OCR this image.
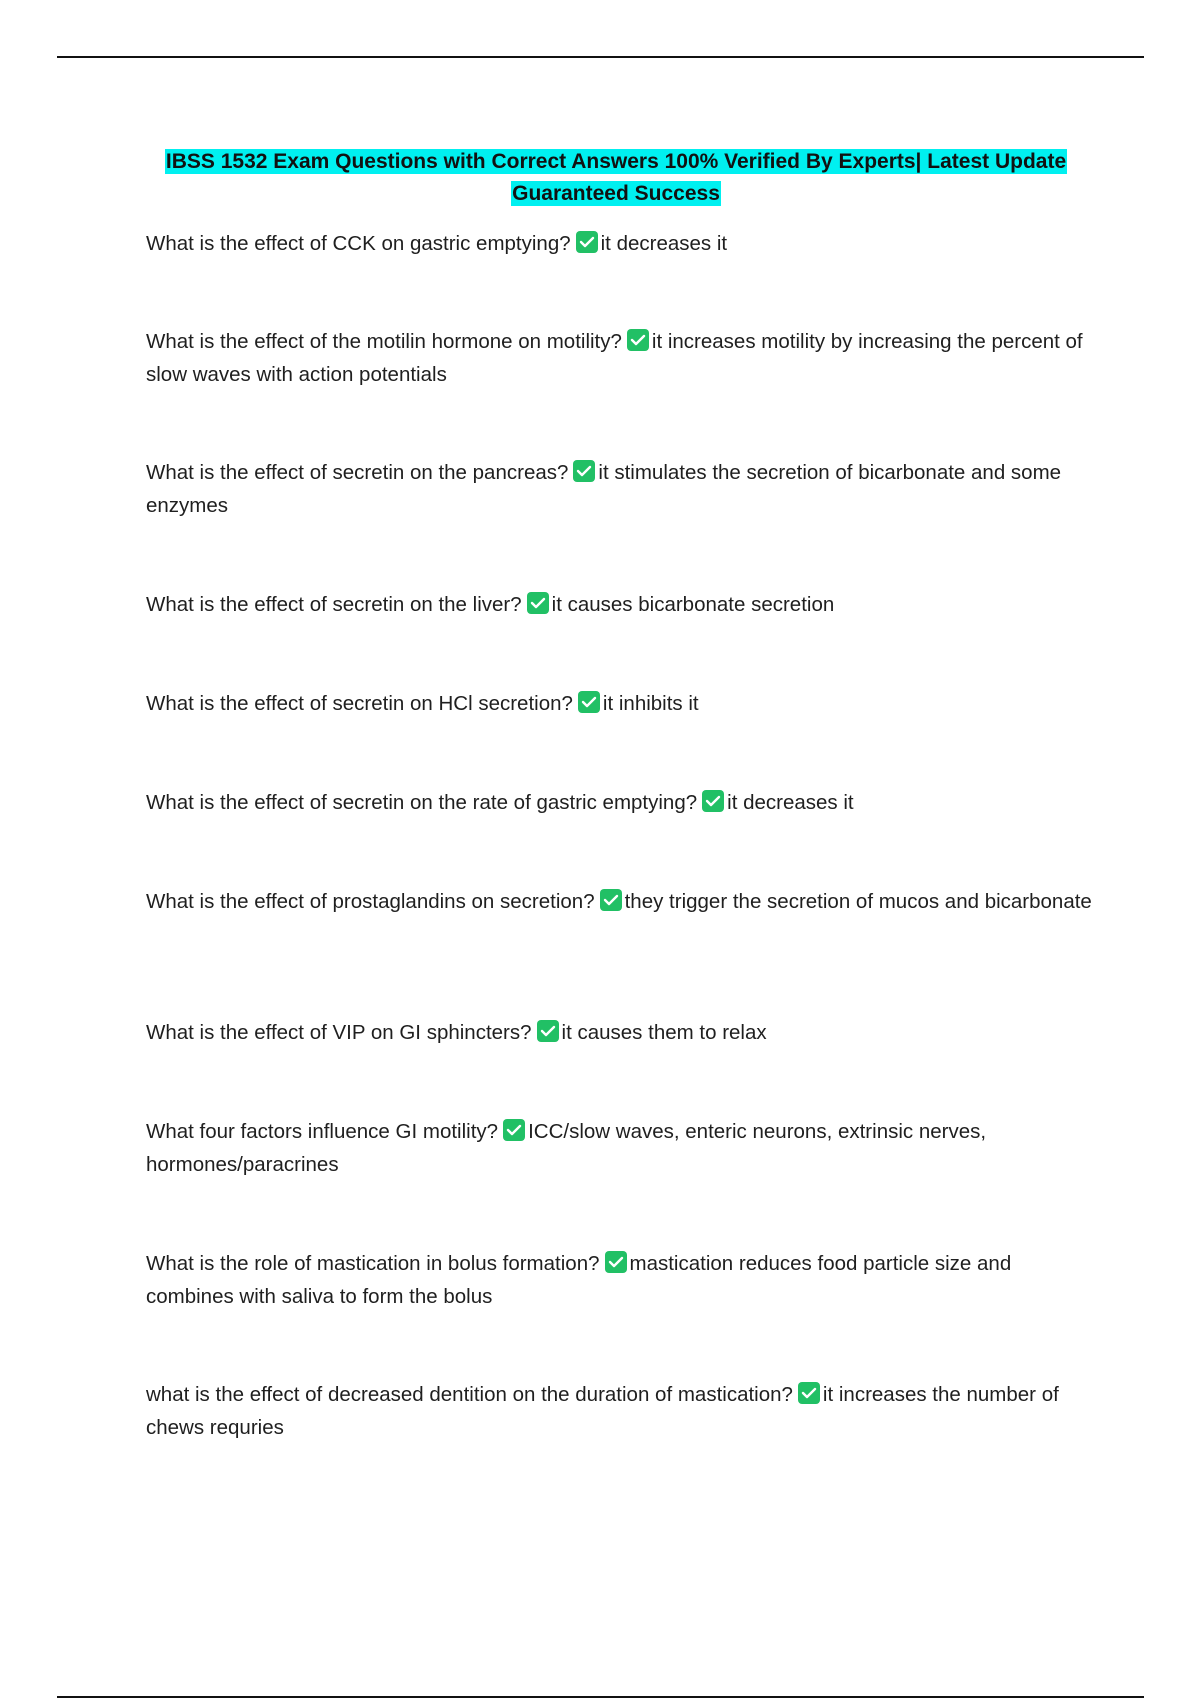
IBSS 1532 Exam Questions with Correct Answers 100% Verified By Experts| Latest Update
Guaranteed Success
What is the effect of CCK on gastric emptying? it decreases it
What is the effect of the motilin hormone on motility? it increases motility by increasing the percent of slow waves with action potentials
What is the effect of secretin on the pancreas? it stimulates the secretion of bicarbonate and some enzymes
What is the effect of secretin on the liver? it causes bicarbonate secretion
What is the effect of secretin on HCl secretion? it inhibits it
What is the effect of secretin on the rate of gastric emptying? it decreases it
What is the effect of prostaglandins on secretion? they trigger the secretion of mucos and bicarbonate
What is the effect of VIP on GI sphincters? it causes them to relax
What four factors influence GI motility? ICC/slow waves, enteric neurons, extrinsic nerves, hormones/paracrines
What is the role of mastication in bolus formation? mastication reduces food particle size and combines with saliva to form the bolus
what is the effect of decreased dentition on the duration of mastication? it increases the number of chews requries
